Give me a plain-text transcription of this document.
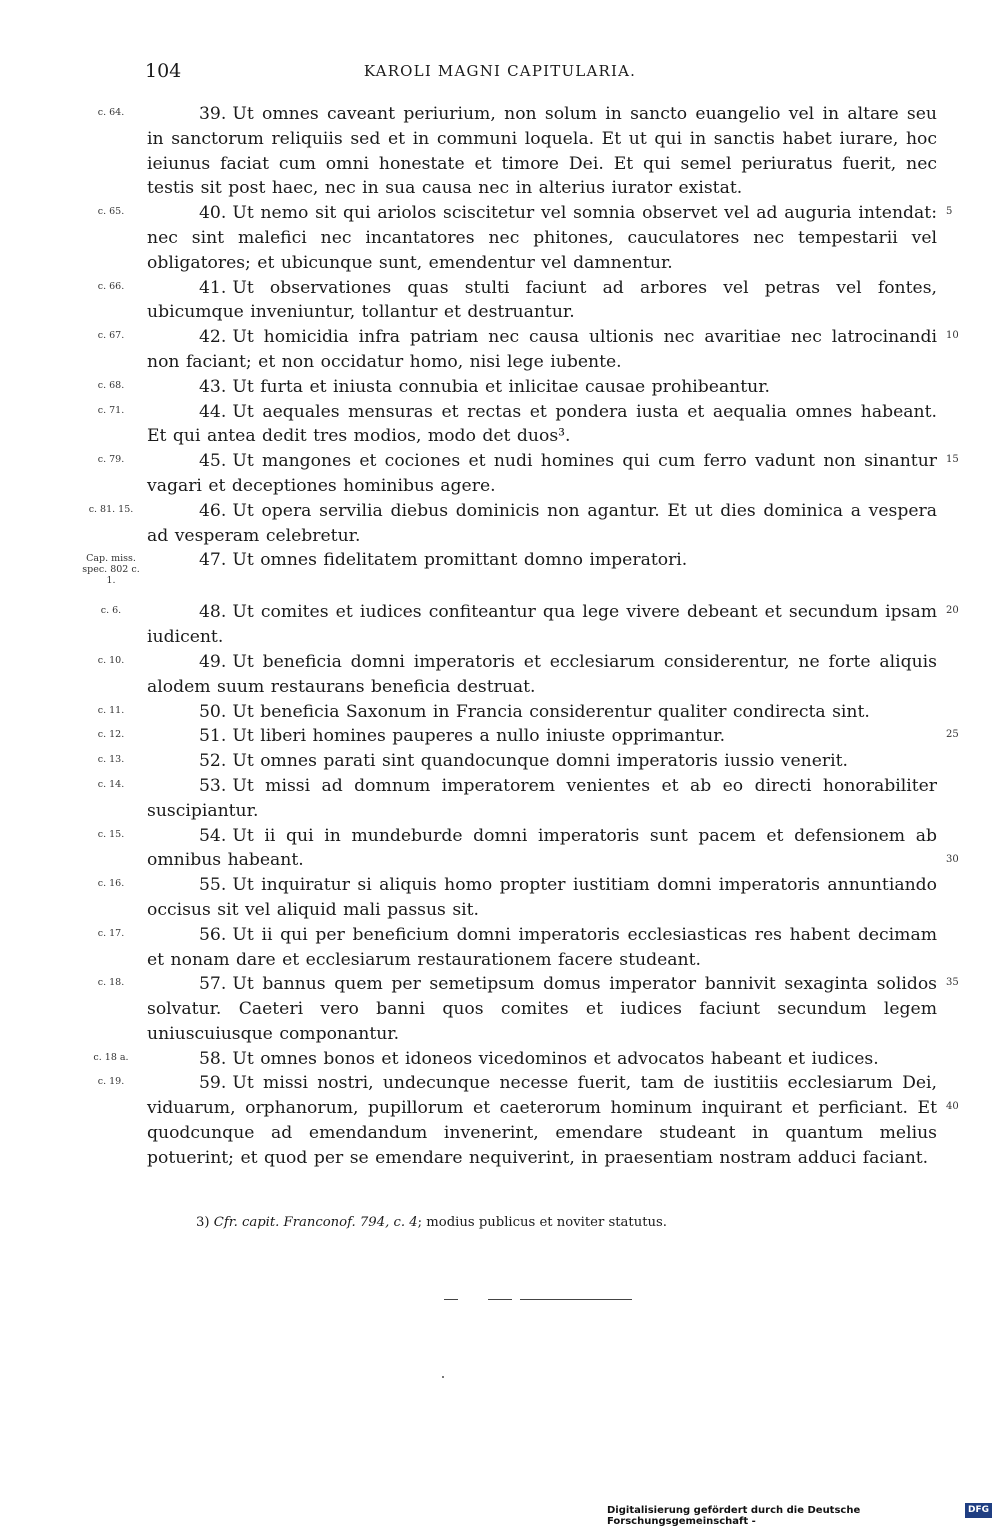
104	KAROLI MAGNI CAPITULARIA.
c. 64.	39. Ut omnes caveant periurium, non solum in sancto euangelio vel in altare seu in sanctorum reliquiis sed et in communi loquela. Et ut qui in sanctis habet iurare, hoc ieiunus faciat cum omni honestate et timore Dei. Et qui semel periuratus fuerit, nec testis sit post haec, nec in sua causa nec in alterius iurator existat.
c. 65.	40. Ut nemo sit qui ariolos sciscitetur vel somnia observet vel ad auguria intendat: nec sint malefici nec incantatores nec phitones, cauculatores nec tempestarii vel obligatores; et ubicunque sunt, emendentur vel damnentur.
5
c. 66.	41. Ut observationes quas stulti faciunt ad arbores vel petras vel fontes, ubicumque inveniuntur, tollantur et destruantur.
c. 67.	42. Ut homicidia infra patriam nec causa ultionis nec avaritiae nec latrocinandi non faciant; et non occidatur homo, nisi lege iubente.
10
c. 68.	43. Ut furta et iniusta connubia et inlicitae causae prohibeantur.
c. 71.	44. Ut aequales mensuras et rectas et pondera iusta et aequalia omnes habeant. Et qui antea dedit tres modios, modo det duos³.
c. 79.	45. Ut mangones et cociones et nudi homines qui cum ferro vadunt non sinantur vagari et deceptiones hominibus agere.
15
c. 81. 15.	46. Ut opera servilia diebus dominicis non agantur. Et ut dies dominica a vespera ad vesperam celebretur.
Cap. miss. spec. 802 c. 1.
47. Ut omnes fidelitatem promittant domno imperatori.
c. 6.	48. Ut comites et iudices confiteantur qua lege vivere debeant et secundum ipsam iudicent.
20
c. 10.	49. Ut beneficia domni imperatoris et ecclesiarum considerentur, ne forte aliquis alodem suum restaurans beneficia destruat.
c. 11.	50. Ut beneficia Saxonum in Francia considerentur qualiter condirecta sint.
c. 12.	51. Ut liberi homines pauperes a nullo iniuste opprimantur.	25
c. 13.	52. Ut omnes parati sint quandocunque domni imperatoris iussio venerit.
c. 14.	53. Ut missi ad domnum imperatorem venientes et ab eo directi honorabiliter suscipiantur.
c. 15.	54. Ut ii qui in mundeburde domni imperatoris sunt pacem et defensionem ab omnibus habeant.	30
c. 16.	55. Ut inquiratur si aliquis homo propter iustitiam domni imperatoris annuntiando occisus sit vel aliquid mali passus sit.
c. 17.	56. Ut ii qui per beneficium domni imperatoris ecclesiasticas res habent decimam et nonam dare et ecclesiarum restaurationem facere studeant.
c. 18.	57. Ut bannus quem per semetipsum domus imperator bannivit sexaginta solidos solvatur. Caeteri vero banni quos comites et iudices faciunt secundum legem uniuscuiusque componantur.
35
c. 18 a.	58. Ut omnes bonos et idoneos vicedominos et advocatos habeant et iudices.
c. 19.	59. Ut missi nostri, undecunque necesse fuerit, tam de iustitiis ecclesiarum Dei, viduarum, orphanorum, pupillorum et caeterorum hominum inquirant et perficiant. Et quodcunque ad emendandum invenerint, emendare studeant in quantum melius potuerint; et quod per se emendare nequiverint, in praesentiam nostram adduci faciant.
40
3) Cfr. capit. Franconof. 794, c. 4; modius publicus et noviter statutus.
Digitalisierung gefördert durch die Deutsche Forschungsgemeinschaft -
DFG
